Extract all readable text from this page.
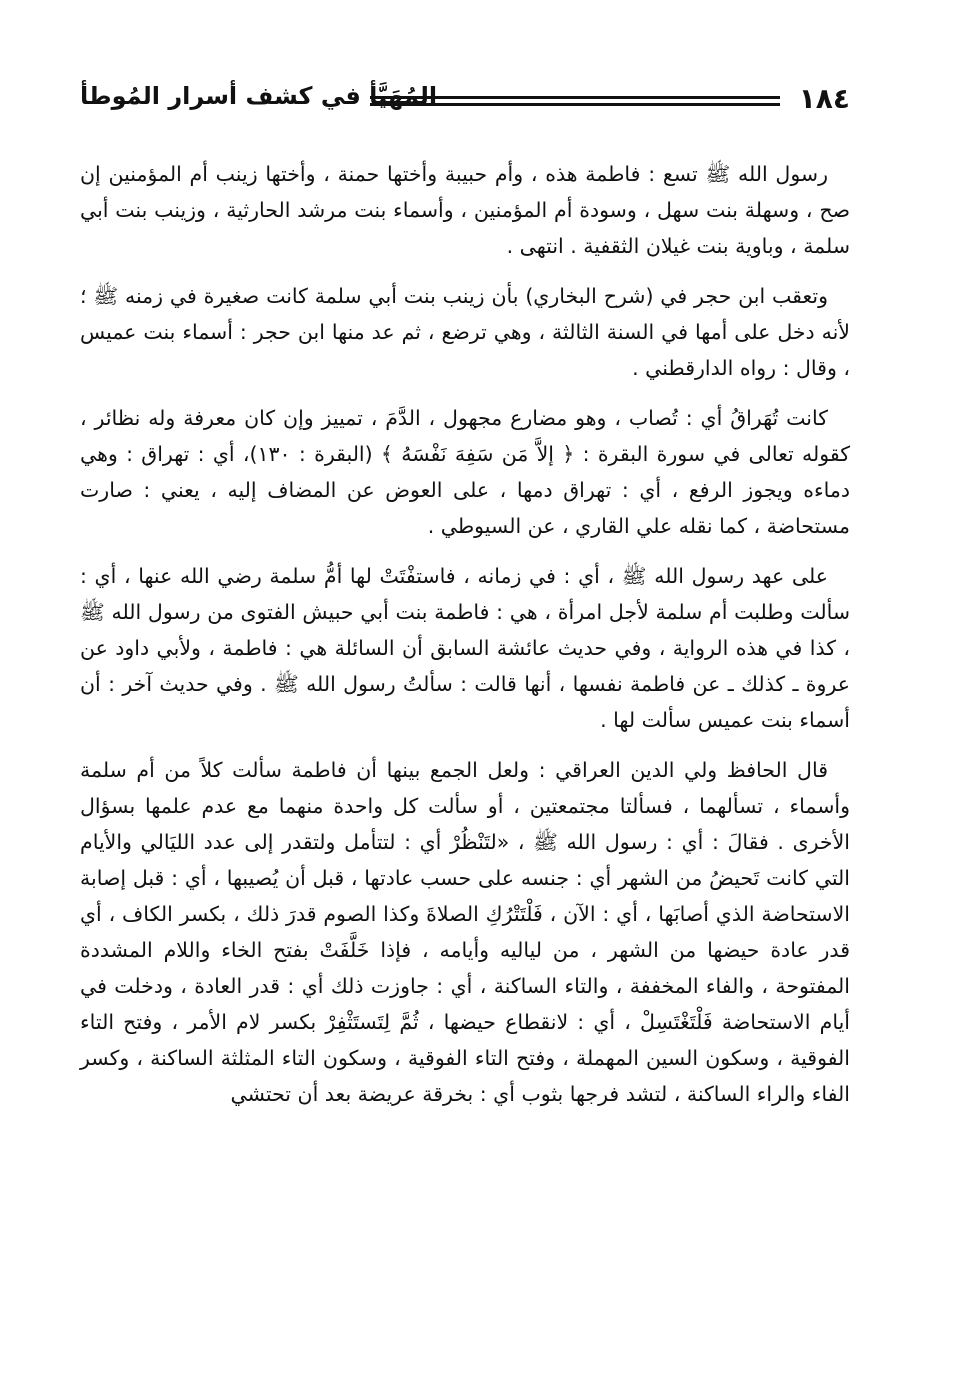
١٨٤
المُهَيَّأ في كشف أسرار المُوطأ

رسول الله ﷺ تسع : فاطمة هذه ، وأم حبيبة وأختها حمنة ، وأختها زينب أم المؤمنين إن صح ، وسهلة بنت سهل ، وسودة أم المؤمنين ، وأسماء بنت مرشد الحارثية ، وزينب بنت أبي سلمة ، وباوية بنت غيلان الثقفية . انتهى .

وتعقب ابن حجر في (شرح البخاري) بأن زينب بنت أبي سلمة كانت صغيرة في زمنه ﷺ ؛ لأنه دخل على أمها في السنة الثالثة ، وهي ترضع ، ثم عد منها ابن حجر : أسماء بنت عميس ، وقال : رواه الدارقطني .

كانت تُهَراقُ أي : تُصاب ، وهو مضارع مجهول ، الدَّمَ ، تمييز وإن كان معرفة وله نظائر ، كقوله تعالى في سورة البقرة : ﴿ إلاَّ مَن سَفِهَ نَفْسَهُ ﴾ (البقرة : ١٣٠)، أي : تهراق : وهي دماءه ويجوز الرفع ، أي : تهراق دمها ، على العوض عن المضاف إليه ، يعني : صارت مستحاضة ، كما نقله علي القاري ، عن السيوطي .

على عهد رسول الله ﷺ ، أي : في زمانه ، فاستفْتَتْ لها أمُّ سلمة رضي الله عنها ، أي : سألت وطلبت أم سلمة لأجل امرأة ، هي : فاطمة بنت أبي حبيش الفتوى من رسول الله ﷺ ، كذا في هذه الرواية ، وفي حديث عائشة السابق أن السائلة هي : فاطمة ، ولأبي داود عن عروة ـ كذلك ـ عن فاطمة نفسها ، أنها قالت : سألتُ رسول الله ﷺ . وفي حديث آخر : أن أسماء بنت عميس سألت لها .

قال الحافظ ولي الدين العراقي : ولعل الجمع بينها أن فاطمة سألت كلاً من أم سلمة وأسماء ، تسألهما ، فسألتا مجتمعتين ، أو سألت كل واحدة منهما مع عدم علمها بسؤال الأخرى . فقالَ : أي : رسول الله ﷺ ، «لتَنْظُرْ أي : لتتأمل ولتقدر إلى عدد الليَالي والأيام التي كانت تَحيضُ من الشهر أي : جنسه على حسب عادتها ، قبل أن يُصيبها ، أي : قبل إصابة الاستحاضة الذي أصابَها ، أي : الآن ، فَلْتَتْرُكِ الصلاةَ وكذا الصوم قدرَ ذلك ، بكسر الكاف ، أي قدر عادة حيضها من الشهر ، من لياليه وأيامه ، فإذا خَلَّفَتْ بفتح الخاء واللام المشددة المفتوحة ، والفاء المخففة ، والتاء الساكنة ، أي : جاوزت ذلك أي : قدر العادة ، ودخلت في أيام الاستحاضة فَلْتَغْتَسِلْ ، أي : لانقطاع حيضها ، ثُمَّ لِتَستَثْفِرْ بكسر لام الأمر ، وفتح التاء الفوقية ، وسكون السين المهملة ، وفتح التاء الفوقية ، وسكون التاء المثلثة الساكنة ، وكسر الفاء والراء الساكنة ، لتشد فرجها بثوب أي : بخرقة عريضة بعد أن تحتشي
